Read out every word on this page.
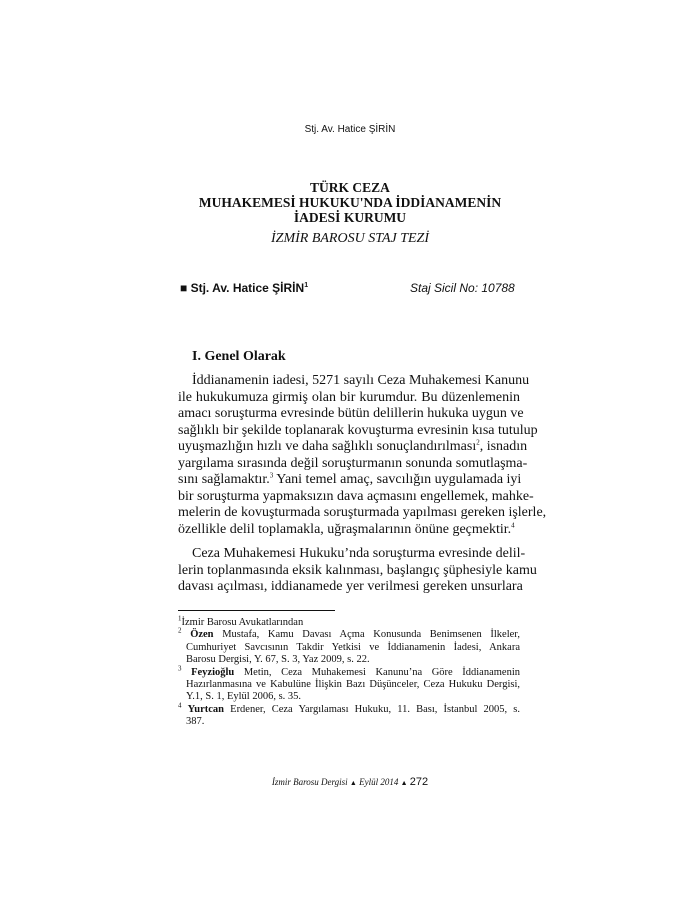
Stj. Av. Hatice ŞİRİN
TÜRK CEZA
MUHAKEMESİ HUKUKU'NDA İDDİANAMENİN
İADESİ KURUMU
İZMİR BAROSU STAJ TEZİ
■ Stj. Av. Hatice ŞİRİN$^1$	Staj Sicil No: 10788
I. Genel Olarak
İddianamenin iadesi, 5271 sayılı Ceza Muhakemesi Kanunu
ile hukukumuza girmiş olan bir kurumdur. Bu düzenlemenin
amacı soruşturma evresinde bütün delillerin hukuka uygun ve
sağlıklı bir şekilde toplanarak kovuşturma evresinin kısa tutulup
uyuşmazlığın hızlı ve daha sağlıklı sonuçlandırılması$^2$, isnadın
yargılama sırasında değil soruşturmanın sonunda somutlaşma-
sını sağlamaktır.$^3$ Yani temel amaç, savcılığın uygulamada iyi
bir soruşturma yapmaksızın dava açmasını engellemek, mahke-
melerin de kovuşturmada soruşturmada yapılması gereken işlerle,
özellikle delil toplamakla, uğraşmalarının önüne geçmektir.$^4$
Ceza Muhakemesi Hukuku’nda soruşturma evresinde delil-
lerin toplanmasında eksik kalınması, başlangıç şüphesiyle kamu
davası açılması, iddianamede yer verilmesi gereken unsurlara
$^1$İzmir Barosu Avukatlarından
$^2$ Özen Mustafa, Kamu Davası Açma Konusunda Benimsenen İlkeler,
Cumhuriyet Savcısının Takdir Yetkisi ve İddianamenin İadesi, Ankara
Barosu Dergisi, Y. 67, S. 3, Yaz 2009, s. 22.
$^3$ Feyzioğlu Metin, Ceza Muhakemesi Kanunu’na Göre İddianamenin
Hazırlanmasına ve Kabulüne İlişkin Bazı Düşünceler, Ceza Hukuku Dergisi,
Y.1, S. 1, Eylül 2006, s. 35.
$^4$ Yurtcan Erdener, Ceza Yargılaması Hukuku, 11. Bası, İstanbul 2005, s.
387.
İzmir Barosu Dergisi ▲ Eylül 2014 ▲ 272
